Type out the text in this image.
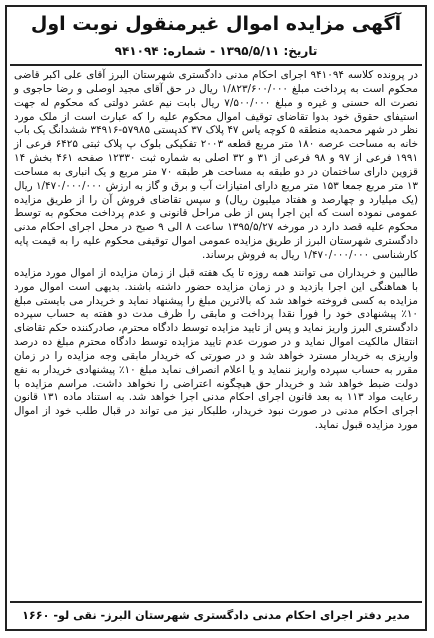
آگهی مزایده اموال غیرمنقول نوبت اول
تاریخ: ۱۳۹۵/۵/۱۱ - شماره: ۹۴۱۰۹۴

در پرونده کلاسه ۹۴۱۰۹۴ اجرای احکام مدنی دادگستری شهرستان البرز آقای علی اکبر قاضی محکوم است به پرداخت مبلغ ۱/۸۲۳/۶۰۰/۰۰۰ ریال در حق آقای مجید اوصلی و رضا حاجوی و نصرت اله حسنی و غیره و مبلغ ۷/۵۰۰/۰۰۰ ریال بابت نیم عشر دولتی که محکوم له جهت استیفای حقوق خود بدوا تقاضای توقیف اموال محکوم علیه را که عبارت است از ملک مورد نظر در شهر محمدیه منطقه ۵ کوچه یاس ۴۷ پلاک ۳۷ کدپستی ۵۷۹۸۵-۳۴۹۱۶ ششدانگ یک باب خانه به مساحت عرصه ۱۸۰ متر مربع قطعه ۲۰۰۳ تفکیکی بلوک پ پلاک ثبتی ۶۴۲۵ فرعی از ۱۹۹۱ فرعی از ۹۷ و ۹۸ فرعی از ۳۱ و ۳۲ اصلی به شماره ثبت ۱۲۳۳۰ صفحه ۴۶۱ بخش ۱۴ قزوین دارای ساختمان در دو طبقه به مساحت هر طبقه ۷۰ متر مربع و یک انباری به مساحت ۱۳ متر مربع جمعا ۱۵۳ متر مربع دارای امتیازات آب و برق و گاز به ارزش ۱/۴۷۰/۰۰۰/۰۰۰ ریال (یک میلیارد و چهارصد و هفتاد میلیون ریال) و سپس تقاضای فروش آن را از طریق مزایده عمومی نموده است که این اجرا پس از طی مراحل قانونی و عدم پرداخت محکوم به توسط محکوم علیه قصد دارد در مورخه ۱۳۹۵/۵/۲۷ ساعت ۸ الی ۹ صبح در محل اجرای احکام مدنی دادگستری شهرستان البرز از طریق مزایده عمومی اموال توقیفی محکوم علیه را به قیمت پایه کارشناسی ۱/۴۷۰/۰۰۰/۰۰۰ ریال به فروش برساند.

طالبین و خریداران می توانند همه روزه تا یک هفته قبل از زمان مزایده از اموال مورد مزایده با هماهنگی این اجرا بازدید و در زمان مزایده حضور داشته باشند. بدیهی است اموال مورد مزایده به کسی فروخته خواهد شد که بالاترین مبلغ را پیشنهاد نماید و خریدار می بایستی مبلغ ۱۰٪ پیشنهادی خود را فورا نقدا پرداخت و مابقی را ظرف مدت دو هفته به حساب سپرده دادگستری البرز واریز نماید و پس از تایید مزایده توسط دادگاه محترم، صادرکننده حکم تقاضای انتقال مالکیت اموال نماید و در صورت عدم تایید مزایده توسط دادگاه محترم مبلغ ده درصد واریزی به خریدار مسترد خواهد شد و در صورتی که خریدار مابقی وجه مزایده را در زمان مقرر به حساب سپرده واریز ننماید و یا اعلام انصراف نماید مبلغ ۱۰٪ پیشنهادی خریدار به نفع دولت ضبط خواهد شد و خریدار حق هیچگونه اعتراضی را نخواهد داشت. مراسم مزایده با رعایت مواد ۱۱۳ به بعد قانون اجرای احکام مدنی اجرا خواهد شد. به استناد ماده ۱۳۱ قانون اجرای احکام مدنی در صورت نبود خریدار، طلبکار نیز می تواند در قبال طلب خود از اموال مورد مزایده قبول نماید.

مدیر دفتر اجرای احکام مدنی دادگستری شهرستان البرز- نقی لو- ۱۶۶۰
